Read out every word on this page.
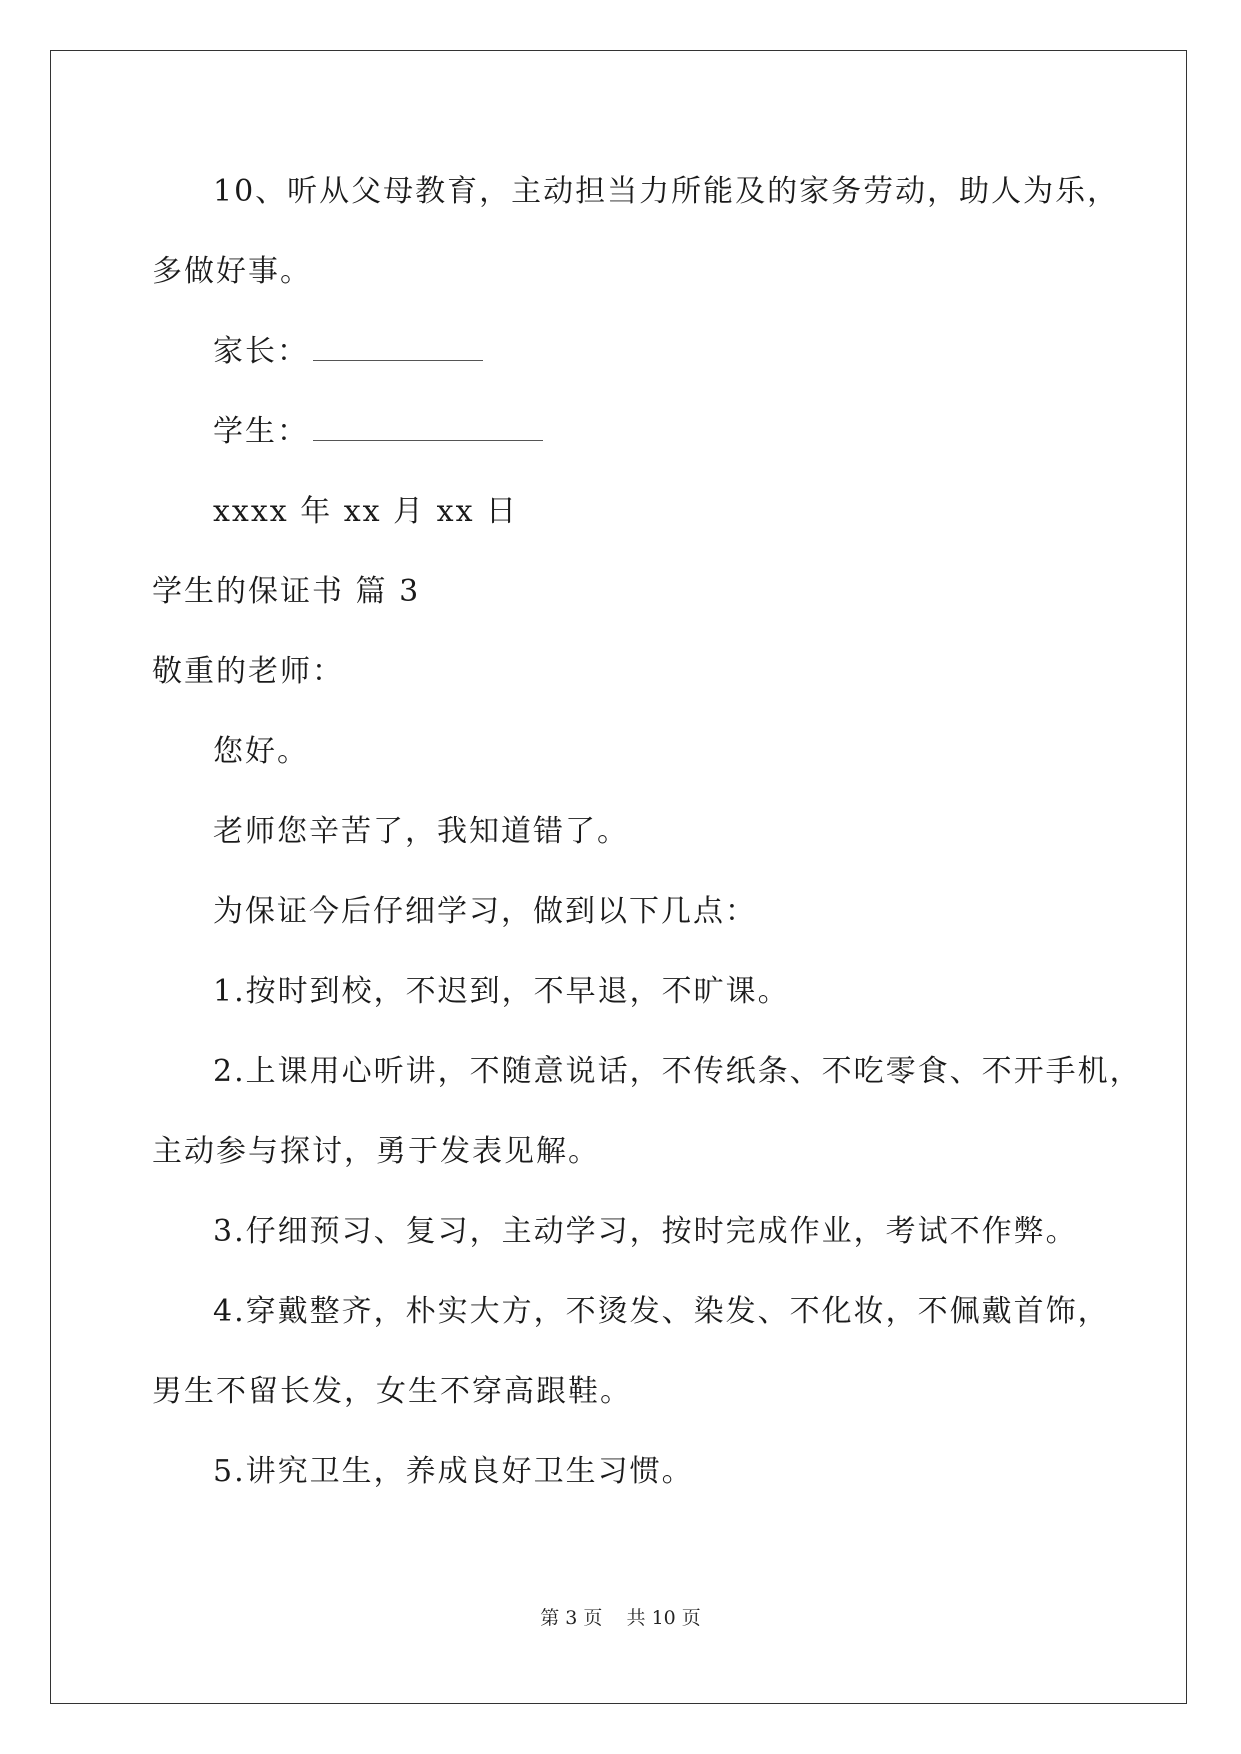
10、听从父母教育，主动担当力所能及的家务劳动，助人为乐，
多做好事。
家长：
学生：
xxxx 年 xx 月 xx 日
学生的保证书 篇 3
敬重的老师：
您好。
老师您辛苦了，我知道错了。
为保证今后仔细学习，做到以下几点：
1.按时到校，不迟到，不早退，不旷课。
2.上课用心听讲，不随意说话，不传纸条、不吃零食、不开手机，
主动参与探讨，勇于发表见解。
3.仔细预习、复习，主动学习，按时完成作业，考试不作弊。
4.穿戴整齐，朴实大方，不烫发、染发、不化妆，不佩戴首饰，
男生不留长发，女生不穿高跟鞋。
5.讲究卫生，养成良好卫生习惯。
第 3 页 共 10 页
